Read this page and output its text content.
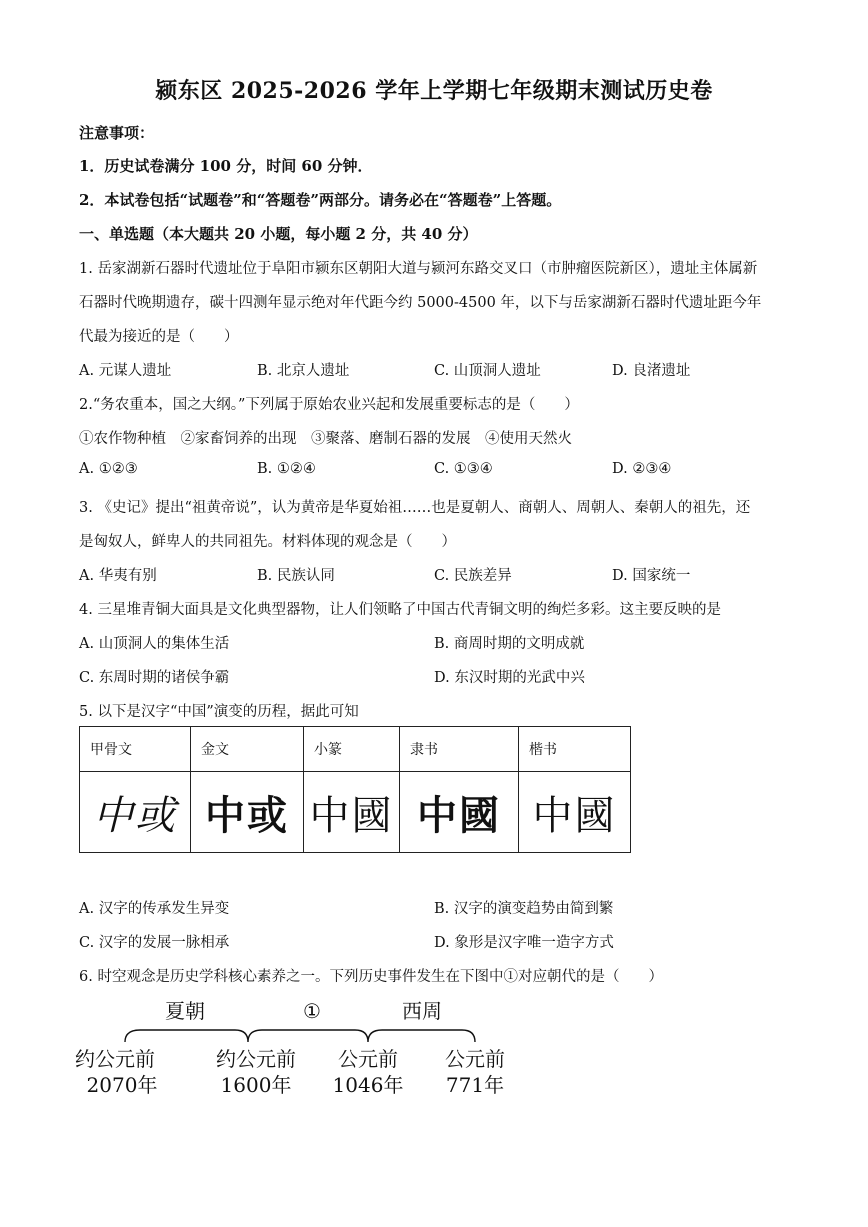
颍东区 2025-2026 学年上学期七年级期末测试历史卷
注意事项：
1．历史试卷满分 100 分，时间 60 分钟．
2．本试卷包括“试题卷”和“答题卷”两部分。请务必在“答题卷”上答题。
一、单选题（本大题共 20 小题，每小题 2 分，共 40 分）
1. 岳家湖新石器时代遗址位于阜阳市颍东区朝阳大道与颍河东路交叉口（市肿瘤医院新区），遗址主体属新
石器时代晚期遗存，碳十四测年显示绝对年代距今约 5000-4500 年，以下与岳家湖新石器时代遗址距今年
代最为接近的是（　　）
A. 元谋人遗址	B. 北京人遗址	C. 山顶洞人遗址	D. 良渚遗址
2.“务农重本，国之大纲。”下列属于原始农业兴起和发展重要标志的是（　　）
①农作物种植　②家畜饲养的出现　③聚落、磨制石器的发展　④使用天然火
A. ①②③	B. ①②④	C. ①③④	D. ②③④
3. 《史记》提出“祖黄帝说”，认为黄帝是华夏始祖……也是夏朝人、商朝人、周朝人、秦朝人的祖先，还
是匈奴人，鲜卑人的共同祖先。材料体现的观念是（　　）
A. 华夷有别	B. 民族认同	C. 民族差异	D. 国家统一
4. 三星堆青铜大面具是文化典型器物，让人们领略了中国古代青铜文明的绚烂多彩。这主要反映的是
A. 山顶洞人的集体生活	B. 商周时期的文明成就
C. 东周时期的诸侯争霸	D. 东汉时期的光武中兴
5. 以下是汉字“中国”演变的历程，据此可知
甲骨文	金文	小篆	隶书	楷书
中或	中或	中國	中國	中國
A. 汉字的传承发生异变	B. 汉字的演变趋势由简到繁
C. 汉字的发展一脉相承	D. 象形是汉字唯一造字方式
6. 时空观念是历史学科核心素养之一。下列历史事件发生在下图中①对应朝代的是（　　）
夏朝	①	西周
约公元前
2070年
约公元前
1600年
公元前
1046年
公元前
771年
